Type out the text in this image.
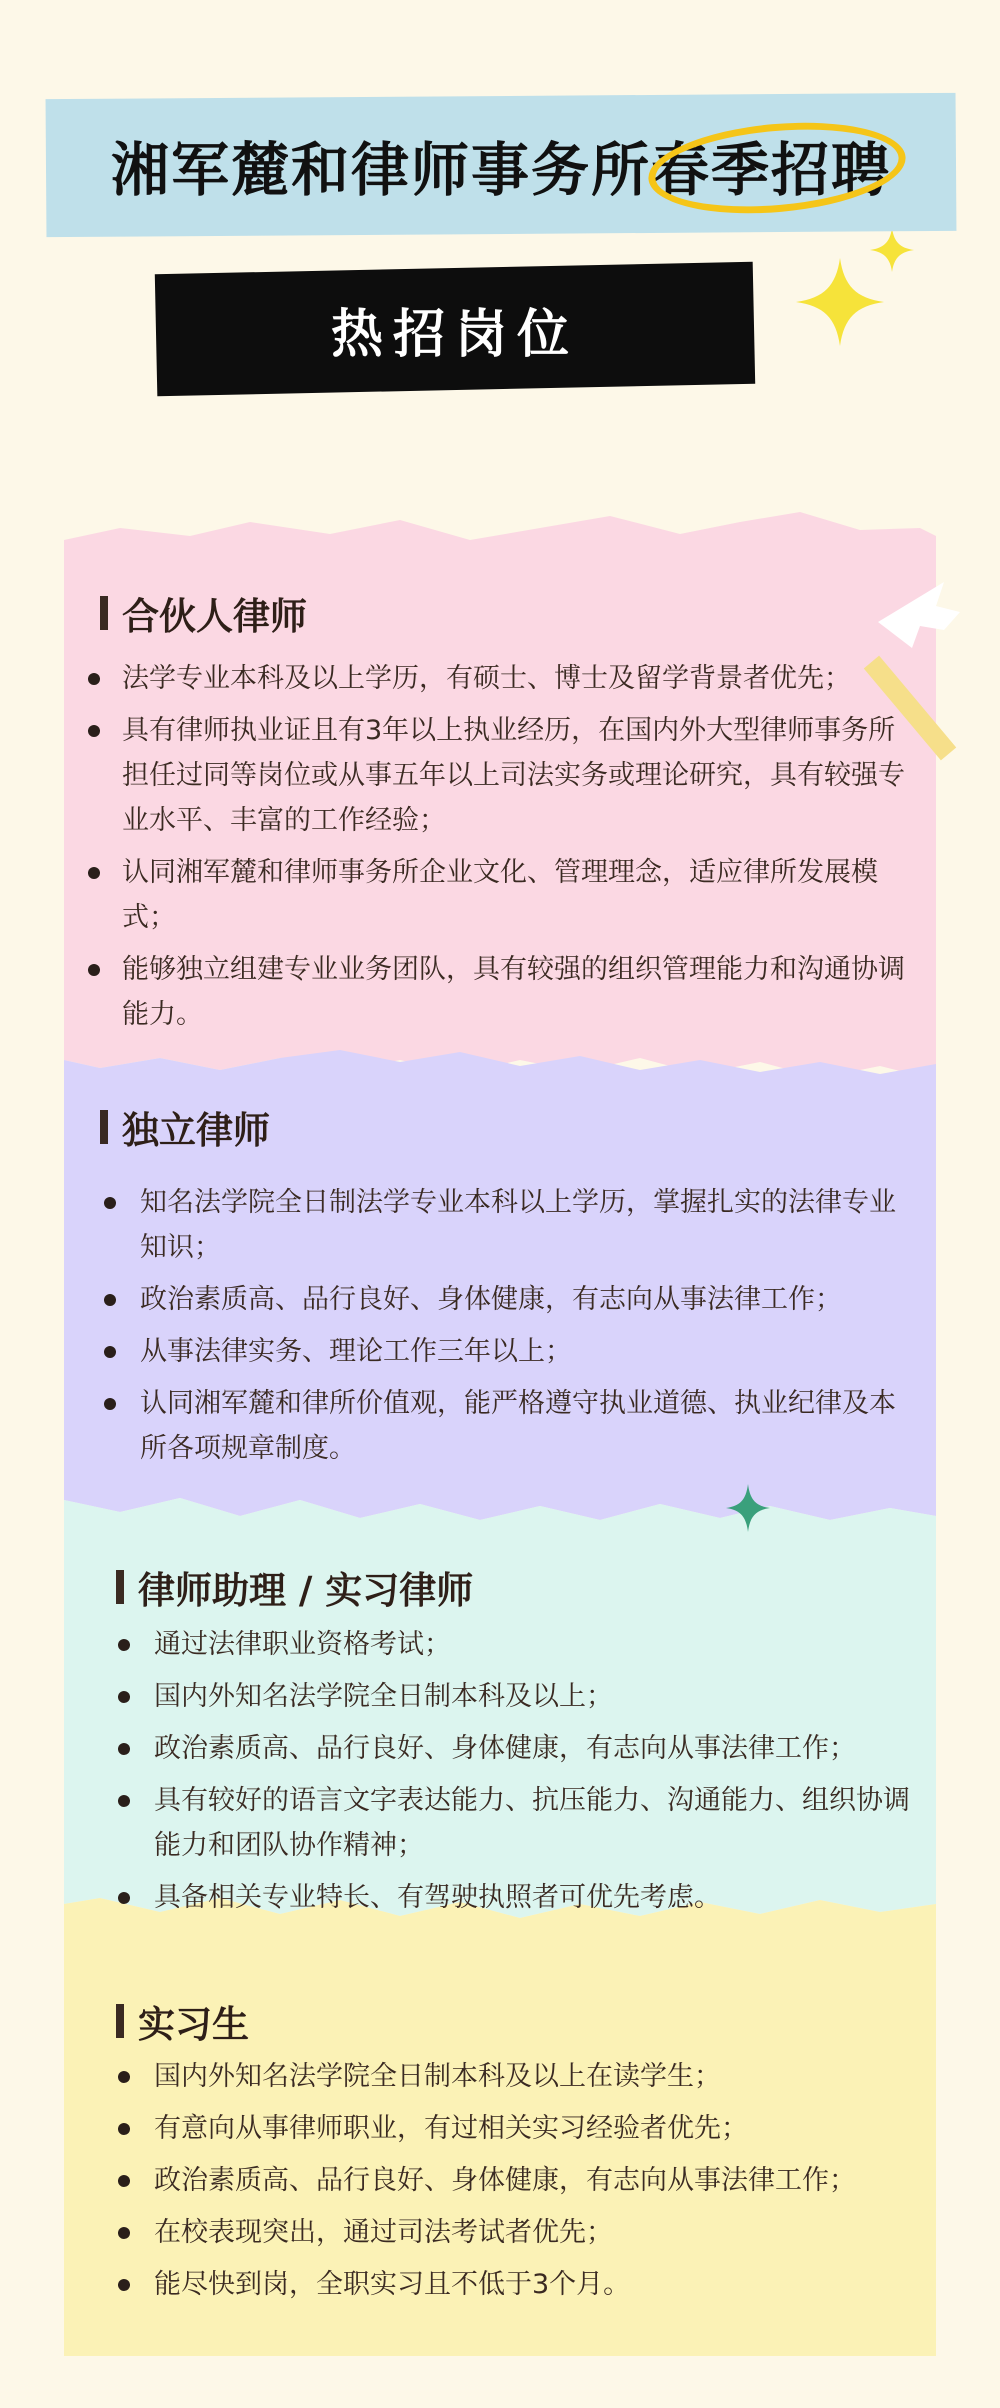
湘军麓和律师事务所春季招聘
热招岗位
合伙人律师
法学专业本科及以上学历，有硕士、博士及留学背景者优先；
具有律师执业证且有3年以上执业经历，在国内外大型律师事务所担任过同等岗位或从事五年以上司法实务或理论研究，具有较强专业水平、丰富的工作经验；
认同湘军麓和律师事务所企业文化、管理理念，适应律所发展模式；
能够独立组建专业业务团队，具有较强的组织管理能力和沟通协调能力。
独立律师
知名法学院全日制法学专业本科以上学历，掌握扎实的法律专业知识；
政治素质高、品行良好、身体健康，有志向从事法律工作；
从事法律实务、理论工作三年以上；
认同湘军麓和律所价值观，能严格遵守执业道德、执业纪律及本所各项规章制度。
律师助理 / 实习律师
通过法律职业资格考试；
国内外知名法学院全日制本科及以上；
政治素质高、品行良好、身体健康，有志向从事法律工作；
具有较好的语言文字表达能力、抗压能力、沟通能力、组织协调能力和团队协作精神；
具备相关专业特长、有驾驶执照者可优先考虑。
实习生
国内外知名法学院全日制本科及以上在读学生；
有意向从事律师职业，有过相关实习经验者优先；
政治素质高、品行良好、身体健康，有志向从事法律工作；
在校表现突出，通过司法考试者优先；
能尽快到岗，全职实习且不低于3个月。
